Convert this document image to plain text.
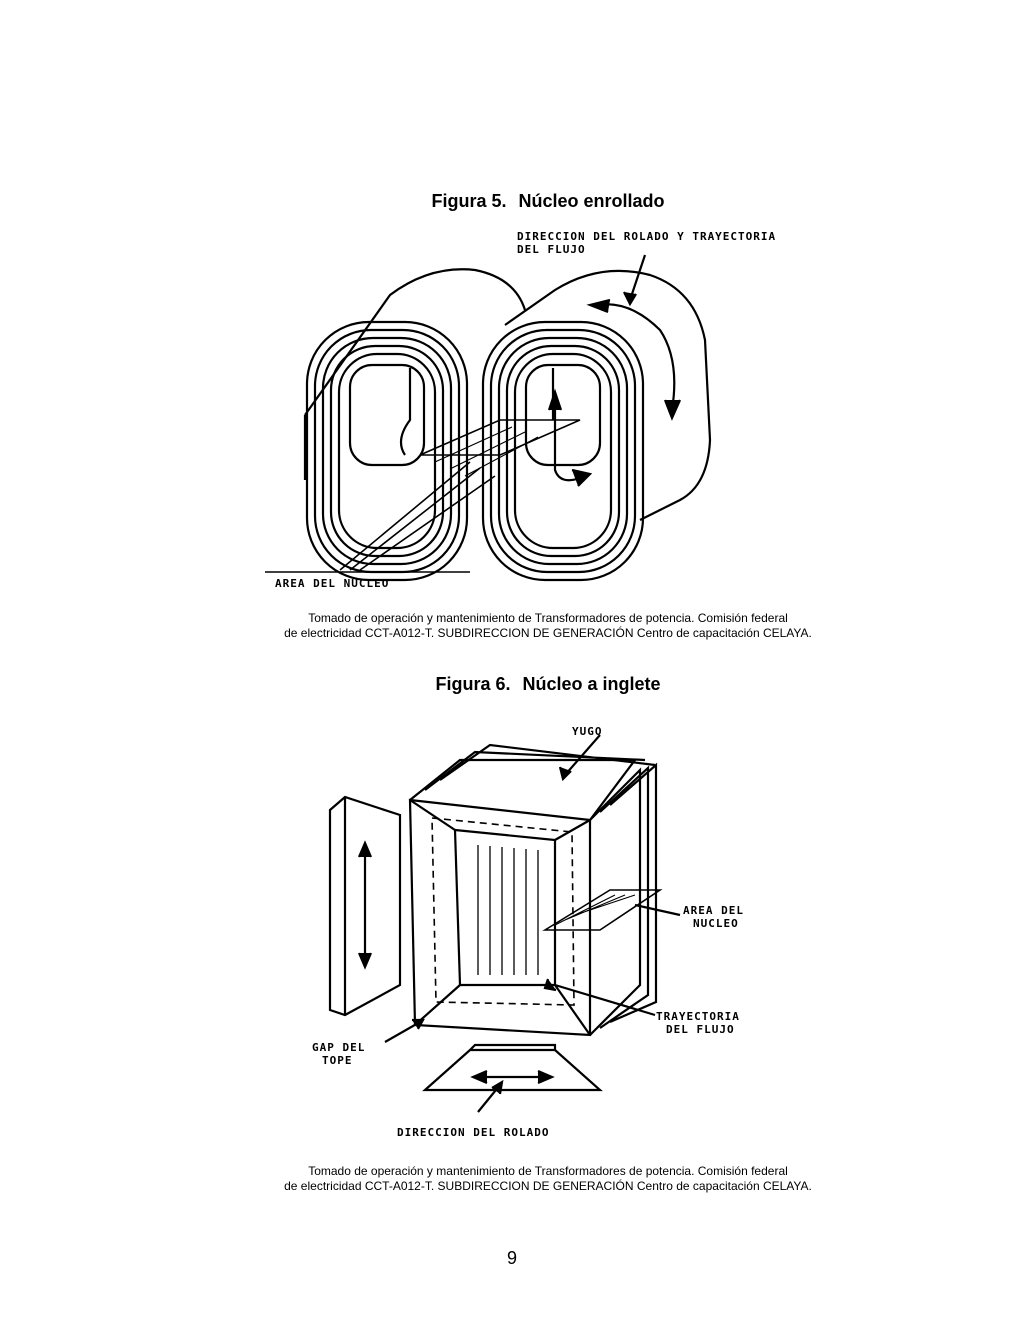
Figura 5. Núcleo enrollado
DIRECCION DEL ROLADO Y TRAYECTORIA
DEL FLUJO
AREA DEL NUCLEO
Tomado de operación y mantenimiento de Transformadores de potencia. Comisión federal
de electricidad CCT-A012-T. SUBDIRECCION DE GENERACIÓN Centro de capacitación CELAYA.
Figura 6. Núcleo a inglete
YUGO
AREA DEL
NUCLEO
TRAYECTORIA
DEL FLUJO
GAP DEL
TOPE
DIRECCION DEL ROLADO
Tomado de operación y mantenimiento de Transformadores de potencia. Comisión federal
de electricidad CCT-A012-T. SUBDIRECCION DE GENERACIÓN Centro de capacitación CELAYA.
9
